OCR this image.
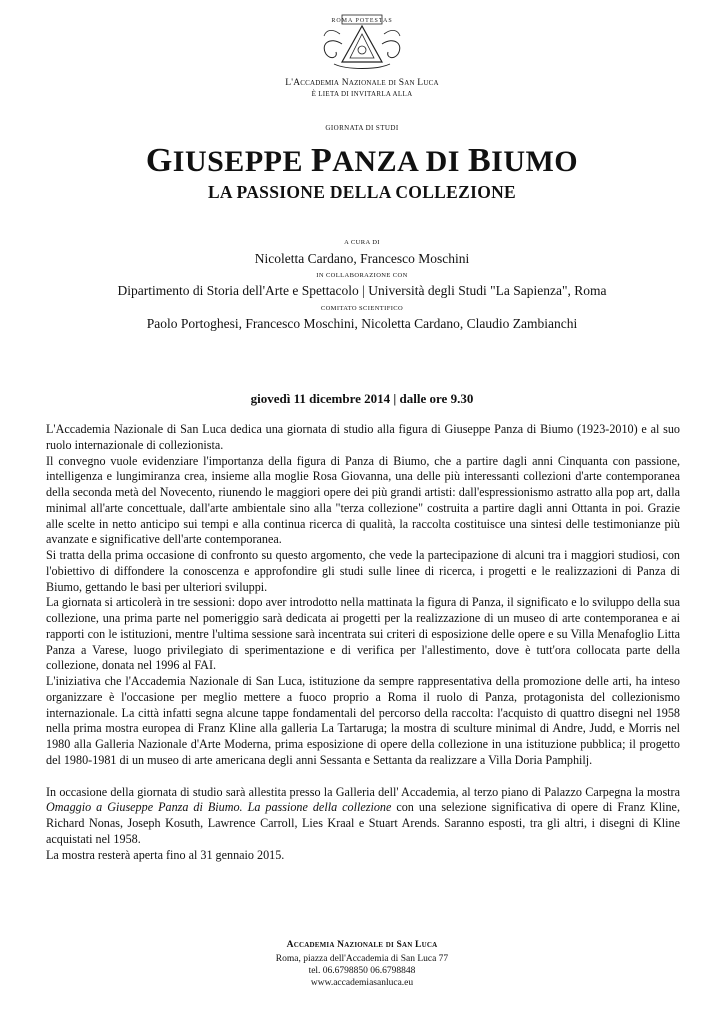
ROMA POTESTAS
L'Accademia Nazionale di San Luca
È LIETA DI INVITARLA ALLA
GIORNATA DI STUDI
GIUSEPPE PANZA DI BIUMO
LA PASSIONE DELLA COLLEZIONE
A CURA DI
Nicoletta Cardano, Francesco Moschini
IN COLLABORAZIONE CON
Dipartimento di Storia dell'Arte e Spettacolo | Università degli Studi "La Sapienza", Roma
COMITATO SCIENTIFICO
Paolo Portoghesi, Francesco Moschini, Nicoletta Cardano, Claudio Zambianchi
giovedì 11 dicembre 2014 | dalle ore 9.30

L'Accademia Nazionale di San Luca dedica una giornata di studio alla figura di Giuseppe Panza di Biumo (1923-2010) e al suo ruolo internazionale di collezionista.

Il convegno vuole evidenziare l'importanza della figura di Panza di Biumo, che a partire dagli anni Cinquanta con passione, intelligenza e lungimiranza crea, insieme alla moglie Rosa Giovanna, una delle più interessanti collezioni d'arte contemporanea della seconda metà del Novecento, riunendo le maggiori opere dei più grandi artisti: dall'espressionismo astratto alla pop art, dalla minimal all'arte concettuale, dall'arte ambientale sino alla "terza collezione" costruita a partire dagli anni Ottanta in poi. Grazie alle scelte in netto anticipo sui tempi e alla continua ricerca di qualità, la raccolta costituisce una sintesi delle testimonianze più avanzate e significative dell'arte contemporanea.

Si tratta della prima occasione di confronto su questo argomento, che vede la partecipazione di alcuni tra i maggiori studiosi, con l'obiettivo di diffondere la conoscenza e approfondire gli studi sulle linee di ricerca, i progetti e le realizzazioni di Panza di Biumo, gettando le basi per ulteriori sviluppi.

La giornata si articolerà in tre sessioni: dopo aver introdotto nella mattinata la figura di Panza, il significato e lo sviluppo della sua collezione, una prima parte nel pomeriggio sarà dedicata ai progetti per la realizzazione di un museo di arte contemporanea e ai rapporti con le istituzioni, mentre l'ultima sessione sarà incentrata sui criteri di esposizione delle opere e su Villa Menafoglio Litta Panza a Varese, luogo privilegiato di sperimentazione e di verifica per l'allestimento, dove è tutt'ora collocata parte della collezione, donata nel 1996 al FAI.

L'iniziativa che l'Accademia Nazionale di San Luca, istituzione da sempre rappresentativa della promozione delle arti, ha inteso organizzare è l'occasione per meglio mettere a fuoco proprio a Roma il ruolo di Panza, protagonista del collezionismo internazionale. La città infatti segna alcune tappe fondamentali del percorso della raccolta: l'acquisto di quattro disegni nel 1958 nella prima mostra europea di Franz Kline alla galleria La Tartaruga; la mostra di sculture minimal di Andre, Judd, e Morris nel 1980 alla Galleria Nazionale d'Arte Moderna, prima esposizione di opere della collezione in una istituzione pubblica; il progetto del 1980-1981 di un museo di arte americana degli anni Sessanta e Settanta da realizzare a Villa Doria Pamphilj.

In occasione della giornata di studio sarà allestita presso la Galleria dell' Accademia, al terzo piano di Palazzo Carpegna la mostra Omaggio a Giuseppe Panza di Biumo. La passione della collezione con una selezione significativa di opere di Franz Kline, Richard Nonas, Joseph Kosuth, Lawrence Carroll, Lies Kraal e Stuart Arends. Saranno esposti, tra gli altri, i disegni di Kline acquistati nel 1958.

La mostra resterà aperta fino al 31 gennaio 2015.

Accademia Nazionale di San Luca
Roma, piazza dell'Accademia di San Luca 77
tel. 06.6798850 06.6798848
www.accademiasanluca.eu
